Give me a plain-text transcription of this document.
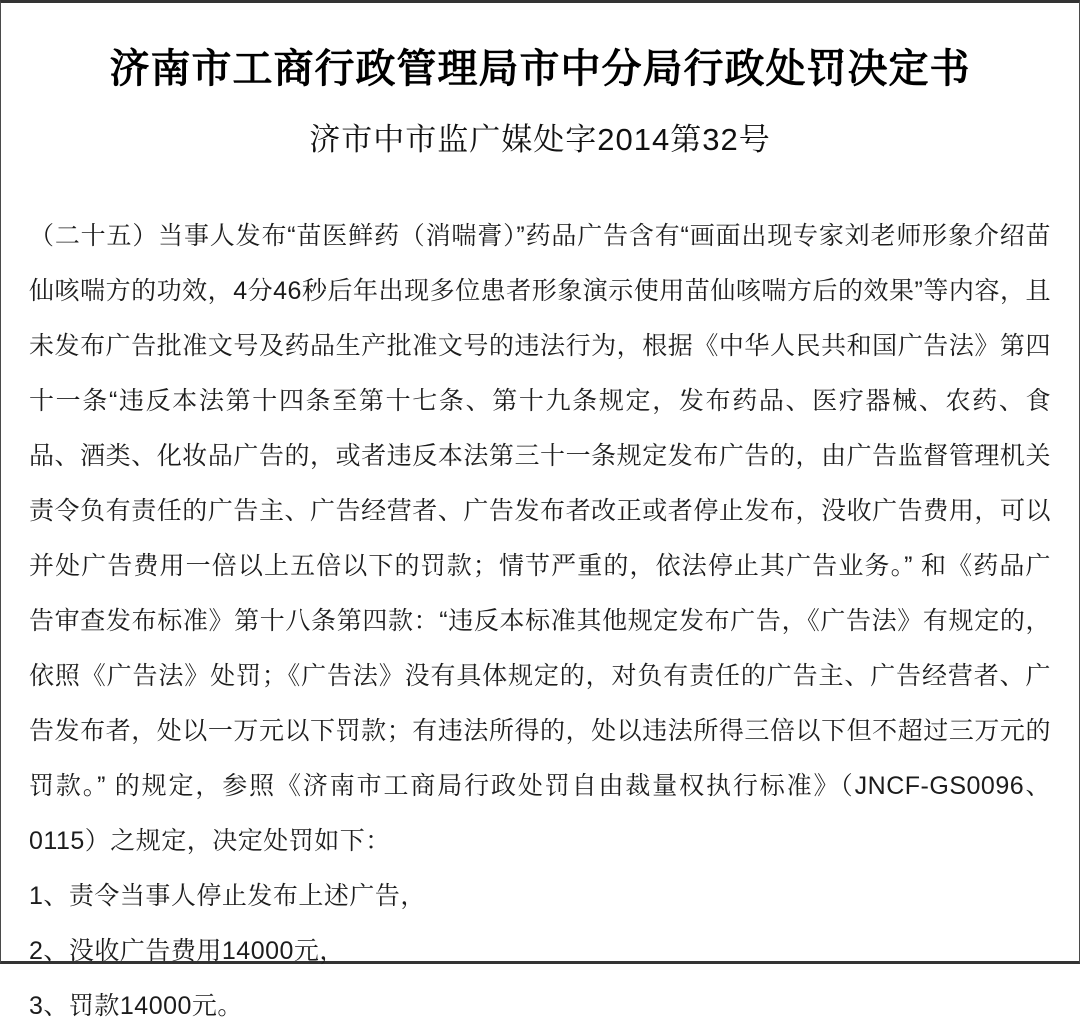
济南市工商行政管理局市中分局行政处罚决定书
济市中市监广媒处字2014第32号
（二十五）当事人发布“苗医鲜药（消喘膏）”药品广告含有“画面出现专家刘老师形象介绍苗仙咳喘方的功效，4分46秒后年出现多位患者形象演示使用苗仙咳喘方后的效果”等内容，且未发布广告批准文号及药品生产批准文号的违法行为，根据《中华人民共和国广告法》第四十一条“违反本法第十四条至第十七条、第十九条规定，发布药品、医疗器械、农药、食品、酒类、化妆品广告的，或者违反本法第三十一条规定发布广告的，由广告监督管理机关责令负有责任的广告主、广告经营者、广告发布者改正或者停止发布，没收广告费用，可以并处广告费用一倍以上五倍以下的罚款；情节严重的，依法停止其广告业务。” 和《药品广告审查发布标准》第十八条第四款：“违反本标准其他规定发布广告，《广告法》有规定的，依照《广告法》处罚；《广告法》没有具体规定的，对负有责任的广告主、广告经营者、广告发布者，处以一万元以下罚款；有违法所得的，处以违法所得三倍以下但不超过三万元的罚款。” 的规定，参照《济南市工商局行政处罚自由裁量权执行标准》（JNCF-GS0096、0115）之规定，决定处罚如下：
1、责令当事人停止发布上述广告，
2、没收广告费用14000元，
3、罚款14000元。
